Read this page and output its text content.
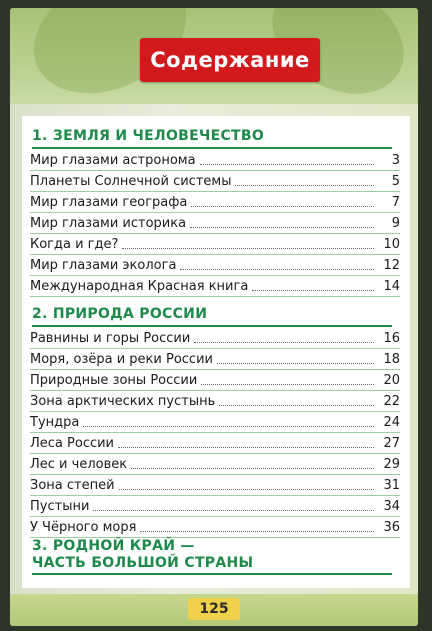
Содержание
1. ЗЕМЛЯ И ЧЕЛОВЕЧЕСТВО
Мир глазами астронома	3
Планеты Солнечной системы	5
Мир глазами географа	7
Мир глазами историка	9
Когда и где?	10
Мир глазами эколога	12
Международная Красная книга	14
2. ПРИРОДА РОССИИ
Равнины и горы России	16
Моря, озёра и реки России	18
Природные зоны России	20
Зона арктических пустынь	22
Тундра	24
Леса России	27
Лес и человек	29
Зона степей	31
Пустыни	34
У Чёрного моря	36
3. РОДНОЙ КРАЙ —
ЧАСТЬ БОЛЬШОЙ СТРАНЫ
125
